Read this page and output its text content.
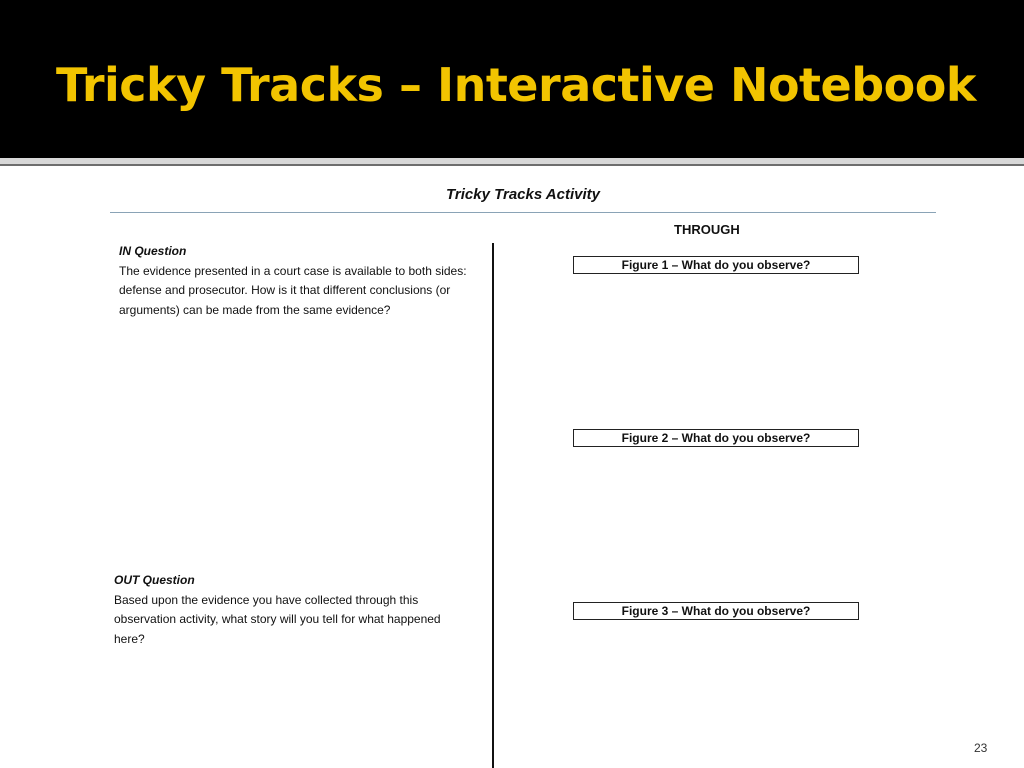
Tricky Tracks – Interactive Notebook
Tricky Tracks Activity
THROUGH
IN Question
The evidence presented in a court case is available to both sides: defense and prosecutor. How is it that different conclusions (or arguments) can be made from the same evidence?
OUT Question
Based upon the evidence you have collected through this observation activity, what story will you tell for what happened here?
Figure 1 – What do you observe?
Figure 2 – What do you observe?
Figure 3 – What do you observe?
23
